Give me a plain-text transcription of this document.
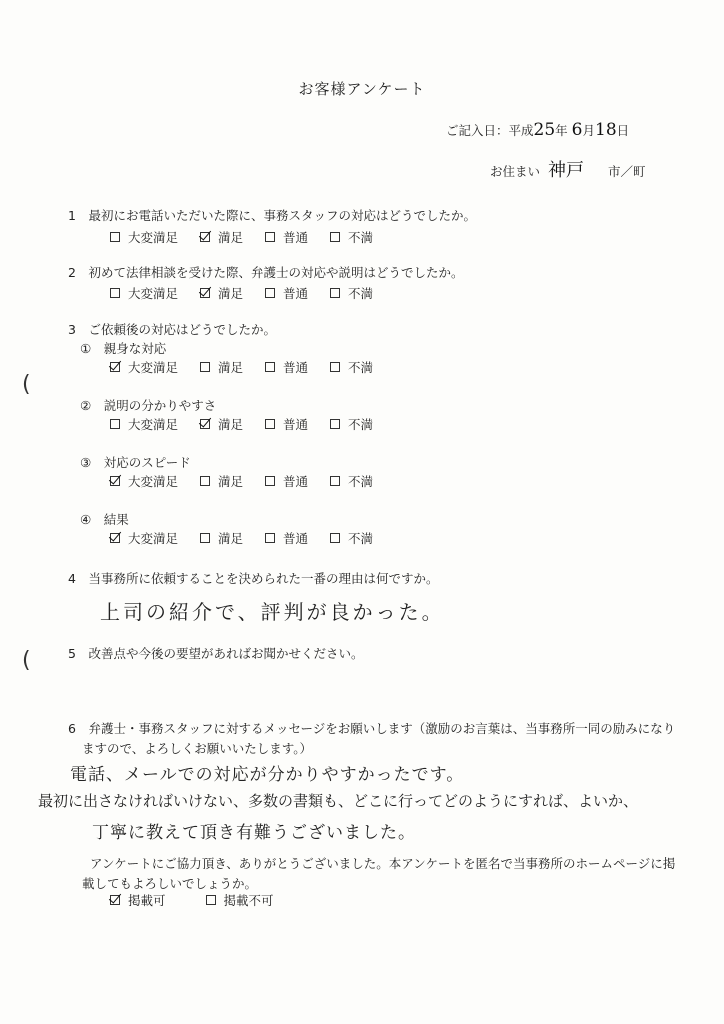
お客様アンケート
ご記入日：平成25年 6月18日
お住まい 神戸 市／町
1　最初にお電話いただいた際に、事務スタッフの対応はどうでしたか。
大変満足	満足	普通	不満
2　初めて法律相談を受けた際、弁護士の対応や説明はどうでしたか。
大変満足	満足	普通	不満
3　ご依頼後の対応はどうでしたか。
①　親身な対応
大変満足	満足	普通	不満
②　説明の分かりやすさ
大変満足	満足	普通	不満
③　対応のスピード
大変満足	満足	普通	不満
④　結果
大変満足	満足	普通	不満
4　当事務所に依頼することを決められた一番の理由は何ですか。
上司の紹介で、評判が良かった。
5　改善点や今後の要望があればお聞かせください。
6　弁護士・事務スタッフに対するメッセージをお願いします（激励のお言葉は、当事務所一同の励みになり
ますので、よろしくお願いいたします。）
電話、メールでの対応が分かりやすかったです。
最初に出さなければいけない、多数の書類も、どこに行ってどのようにすれば、よいか、
丁寧に教えて頂き有難うございました。
アンケートにご協力頂き、ありがとうございました。本アンケートを匿名で当事務所のホームページに掲
載してもよろしいでしょうか。
掲載可	掲載不可
(
(
